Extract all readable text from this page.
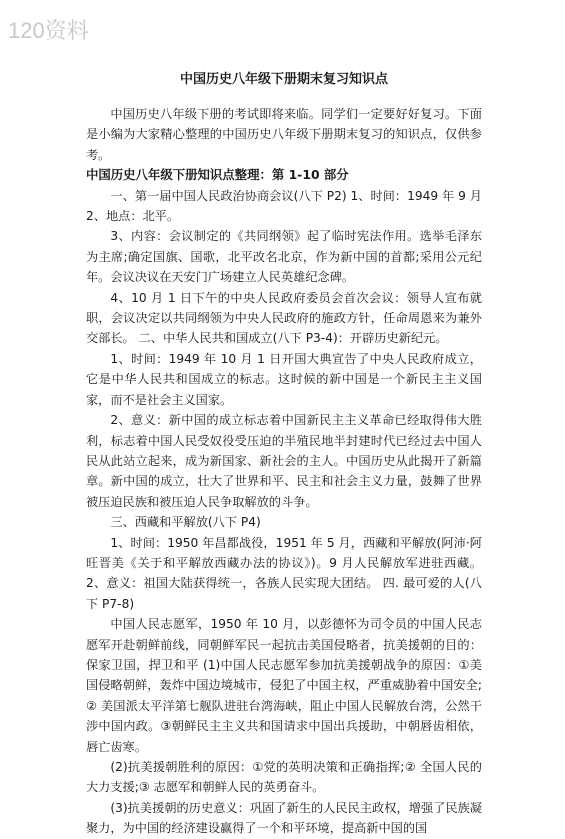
120资料
中国历史八年级下册期末复习知识点

中国历史八年级下册的考试即将来临。同学们一定要好好复习。下面是小编为大家精心整理的中国历史八年级下册期末复习的知识点，仅供参考。

中国历史八年级下册知识点整理：第 1-10 部分

一、第一届中国人民政治协商会议(八下 P2) 1、时间：1949 年 9 月 2、地点：北平。

3、内容：会议制定的《共同纲领》起了临时宪法作用。选举毛泽东为主席;确定国旗、国歌，北平改名北京，作为新中国的首都;采用公元纪年。会议决议在天安门广场建立人民英雄纪念碑。

4、10 月 1 日下午的中央人民政府委员会首次会议：领导人宣布就职，会议决定以共同纲领为中央人民政府的施政方针，任命周恩来为兼外交部长。 二、中华人民共和国成立(八下 P3-4)：开辟历史新纪元。

1、时间：1949 年 10 月 1 日开国大典宣告了中央人民政府成立，它是中华人民共和国成立的标志。这时候的新中国是一个新民主主义国家，而不是社会主义国家。

2、意义：新中国的成立标志着中国新民主主义革命已经取得伟大胜利，标志着中国人民受奴役受压迫的半殖民地半封建时代已经过去中国人民从此站立起来，成为新国家、新社会的主人。中国历史从此揭开了新篇章。新中国的成立，壮大了世界和平、民主和社会主义力量，鼓舞了世界被压迫民族和被压迫人民争取解放的斗争。

三、西藏和平解放(八下 P4)

1、时间：1950 年昌都战役，1951 年 5 月，西藏和平解放(阿沛·阿旺晋美《关于和平解放西藏办法的协议》)。9 月人民解放军进驻西藏。 2、意义：祖国大陆获得统一，各族人民实现大团结。 四. 最可爱的人(八下 P7-8)

中国人民志愿军，1950 年 10 月，以彭德怀为司令员的中国人民志愿军开赴朝鲜前线，同朝鲜军民一起抗击美国侵略者，抗美援朝的目的：保家卫国，捍卫和平 (1)中国人民志愿军参加抗美援朝战争的原因：①美国侵略朝鲜，轰炸中国边境城市，侵犯了中国主权，严重威胁着中国安全;② 美国派太平洋第七舰队进驻台湾海峡，阻止中国人民解放台湾，公然干涉中国内政。③朝鲜民主主义共和国请求中国出兵援助，中朝唇齿相依，唇亡齿寒。

(2)抗美援朝胜利的原因：①党的英明决策和正确指挥;② 全国人民的大力支援;③ 志愿军和朝鲜人民的英勇奋斗。

(3)抗美援朝的历史意义：巩固了新生的人民民主政权，增强了民族凝聚力，为中国的经济建设赢得了一个和平环境，提高新中国的国
